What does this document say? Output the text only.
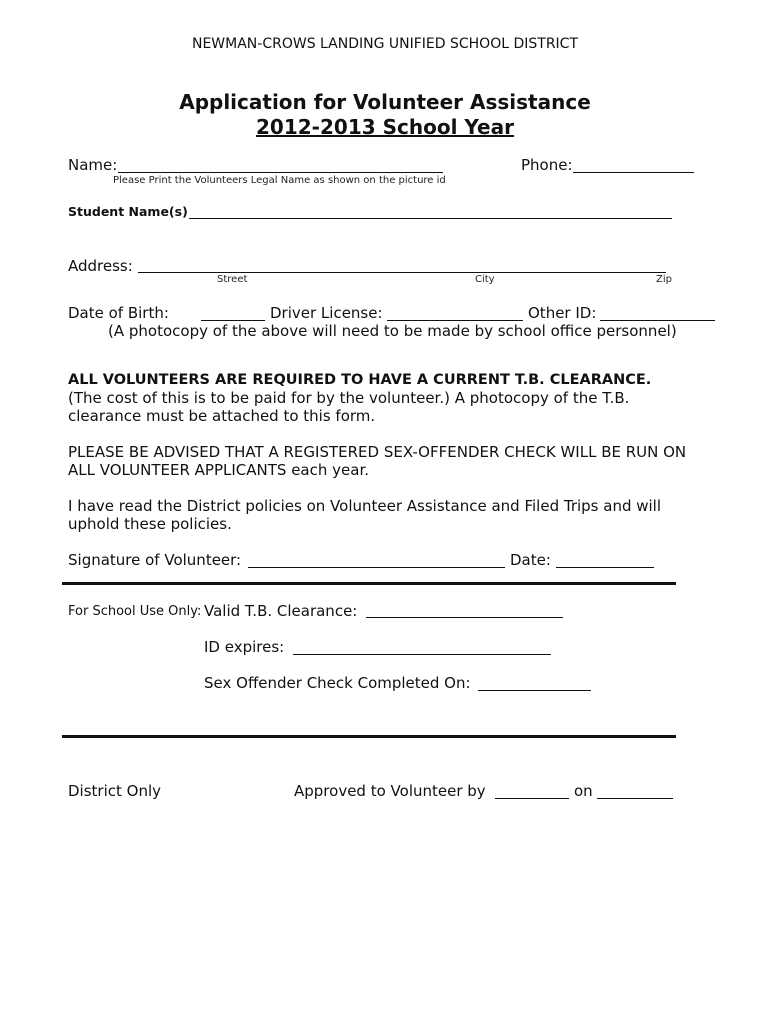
NEWMAN-CROWS LANDING UNIFIED SCHOOL DISTRICT
Application for Volunteer Assistance
2012-2013 School Year
Name:	Phone:
Please Print the Volunteers Legal Name as shown on the picture id
Student Name(s)
Address:
Street	City	Zip
Date of Birth:	Driver License:	Other ID:
(A photocopy of the above will need to be made by school office personnel)
ALL VOLUNTEERS ARE REQUIRED TO HAVE A CURRENT T.B. CLEARANCE.
(The cost of this is to be paid for by the volunteer.) A photocopy of the T.B.
clearance must be attached to this form.
PLEASE BE ADVISED THAT A REGISTERED SEX-OFFENDER CHECK WILL BE RUN ON
ALL VOLUNTEER APPLICANTS each year.
I have read the District policies on Volunteer Assistance and Filed Trips and will
uphold these policies.
Signature of Volunteer:	Date:
For School Use Only: Valid T.B. Clearance:
ID expires:
Sex Offender Check Completed On:
District Only	Approved to Volunteer by	on
